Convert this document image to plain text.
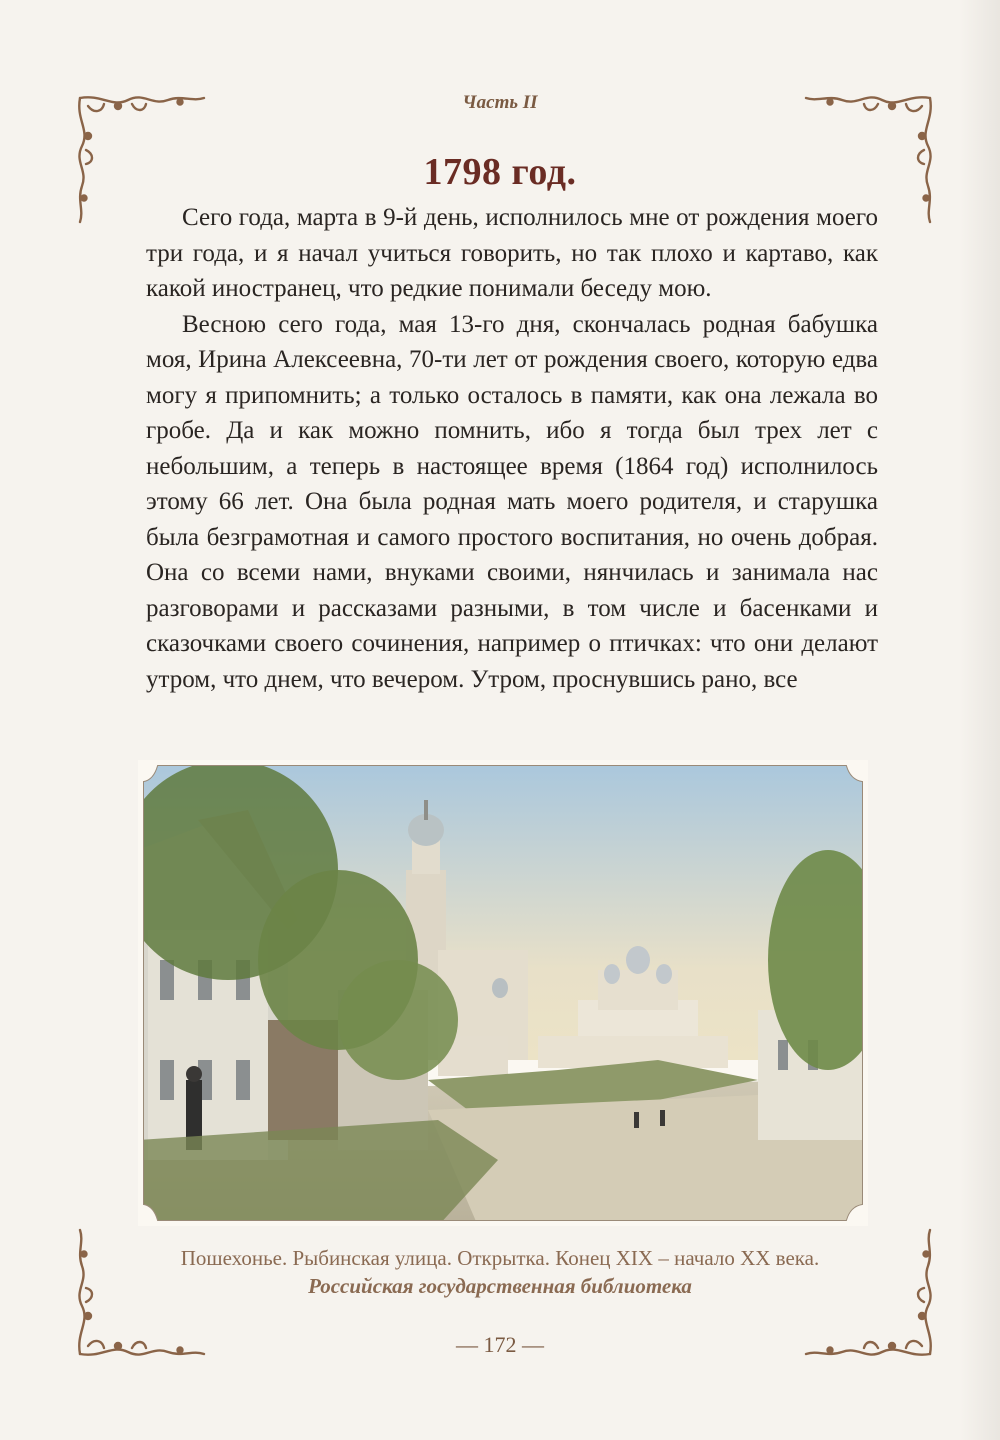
Часть II
1798 год.

Сего года, марта в 9-й день, исполнилось мне от рождения моего три года, и я начал учиться говорить, но так плохо и картаво, как какой иностранец, что редкие понимали беседу мою.

Весною сего года, мая 13-го дня, скончалась родная бабушка моя, Ирина Алексеевна, 70-ти лет от рождения своего, которую едва могу я припомнить; а только осталось в памяти, как она лежала во гробе. Да и как можно помнить, ибо я тогда был трех лет с небольшим, а теперь в настоящее время (1864 год) исполнилось этому 66 лет. Она была родная мать моего родителя, и старушка была безграмотная и самого простого воспитания, но очень добрая. Она со всеми нами, внуками своими, нянчилась и занимала нас разговорами и рассказами разными, в том числе и басенками и сказочками своего сочинения, например о птичках: что они делают утром, что днем, что вечером. Утром, проснувшись рано, все

Пошехонье. Рыбинская улица. Открытка. Конец XIX – начало XX века.
Российская государственная библиотека
— 172 —
